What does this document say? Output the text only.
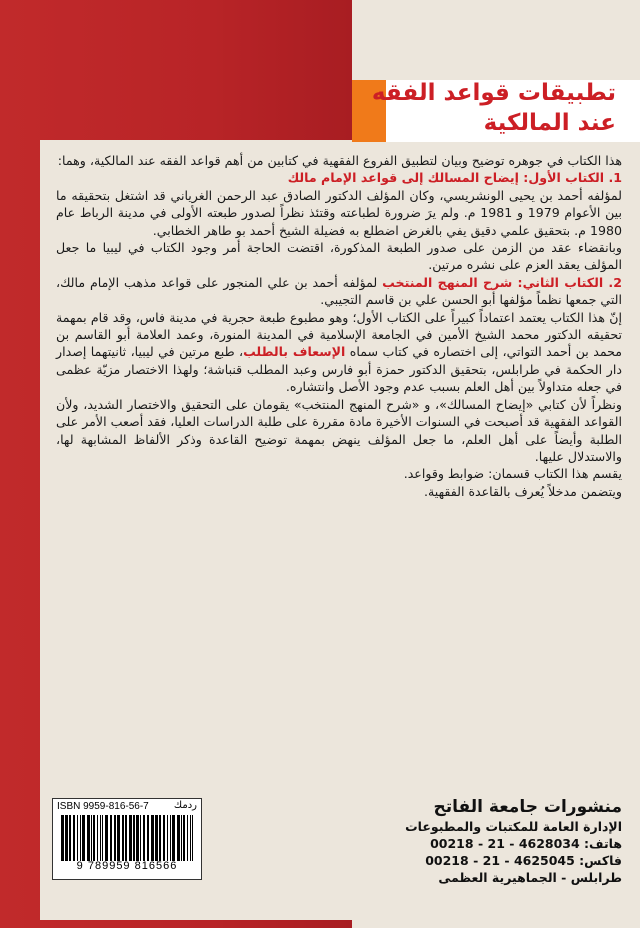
تطبيقات قواعد الفقه
عند المالكية

هذا الكتاب في جوهره توضيح وبيان لتطبيق الفروع الفقهية في كتابين من أهم قواعد الفقه عند المالكية، وهما:

1. الكتاب الأول: إيضاح المسالك إلى قواعد الإمام مالك

لمؤلفه أحمد بن يحيى الونشريسي، وكان المؤلف الدكتور الصادق عبد الرحمن الغرياني قد اشتغل بتحقيقه ما بين الأعوام 1979 و 1981 م. ولم يرَ ضرورة لطباعته وقتئذ نظراً لصدور طبعته الأولى في مدينة الرباط عام 1980 م. بتحقيق علمي دقيق يفي بالغرض اضطلع به فضيلة الشيخ أحمد بو طاهر الخطابي.

وبانقضاء عقد من الزمن على صدور الطبعة المذكورة، اقتضت الحاجة أمر وجود الكتاب في ليبيا ما جعل المؤلف يعقد العزم على نشره مرتين.

2. الكتاب الثاني: شرح المنهج المنتخب لمؤلفه أحمد بن علي المنجور على قواعد مذهب الإمام مالك، التي جمعها نظماً مؤلفها أبو الحسن علي بن قاسم التجيبي.

إنّ هذا الكتاب يعتمد اعتماداً كبيراً على الكتاب الأول؛ وهو مطبوع طبعة حجرية في مدينة فاس، وقد قام بمهمة تحقيقه الدكتور محمد الشيخ الأمين في الجامعة الإسلامية في المدينة المنورة، وعمد العلامة أبو القاسم بن محمد بن أحمد التواتي، إلى اختصاره في كتاب سماه الإسعاف بالطلب، طبع مرتين في ليبيا، ثانيتهما إصدار دار الحكمة في طرابلس، بتحقيق الدكتور حمزة أبو فارس وعبد المطلب قنباشة؛ ولهذا الاختصار مزيّة عظمى في جعله متداولاً بين أهل العلم بسبب عدم وجود الأصل وانتشاره.

ونظراً لأن كتابي «إيضاح المسالك»، و «شرح المنهج المنتخب» يقومان على التحقيق والاختصار الشديد، ولأن القواعد الفقهية قد أصبحت في السنوات الأخيرة مادة مقررة على طلبة الدراسات العليا، فقد أصعب الأمر على الطلبة وأيضاً على أهل العلم، ما جعل المؤلف ينهض بمهمة توضيح القاعدة وذكر الألفاظ المشابهة لها، والاستدلال عليها.

يقسم هذا الكتاب قسمان: ضوابط وقواعد.

ويتضمن مدخلاً يُعرف بالقاعدة الفقهية.

ISBN 9959-816-56-7	ردمك
9 789959 816566
منشورات جامعة الفاتح
الإدارة العامة للمكتبات والمطبوعات
هاتف: 4628034 - 21 - 00218
فاكس: 4625045 - 21 - 00218
طرابلس - الجماهيرية العظمى
